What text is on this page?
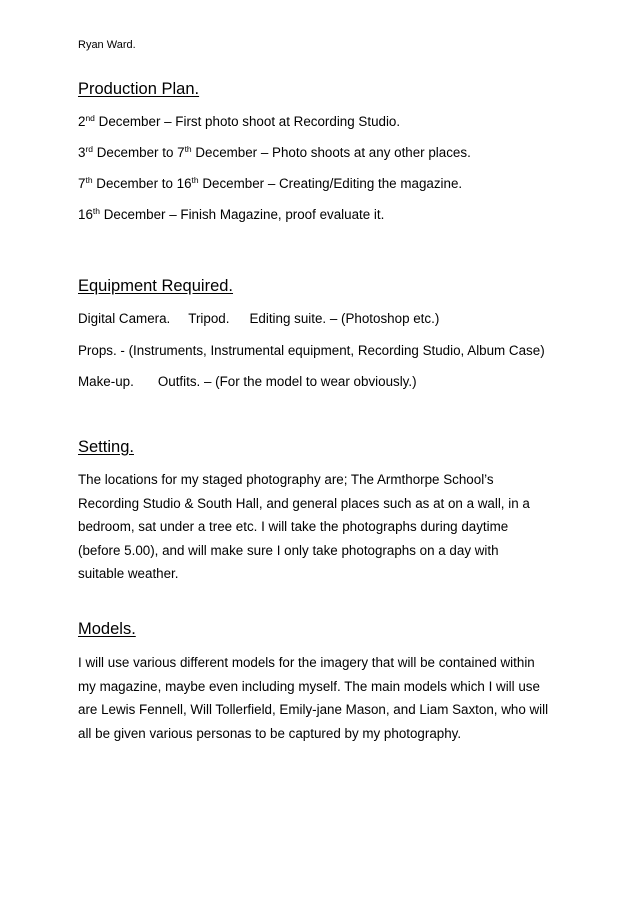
Ryan Ward.
Production Plan.
2nd December – First photo shoot at Recording Studio.
3rd December to 7th December – Photo shoots at any other places.
7th December to 16th December – Creating/Editing the magazine.
16th December – Finish Magazine, proof evaluate it.
Equipment Required.
Digital Camera. Tripod. Editing suite. – (Photoshop etc.)
Props. - (Instruments, Instrumental equipment, Recording Studio, Album Case)
Make-up. Outfits. – (For the model to wear obviously.)
Setting.
The locations for my staged photography are; The Armthorpe School’s
Recording Studio & South Hall, and general places such as at on a wall, in a
bedroom, sat under a tree etc. I will take the photographs during daytime
(before 5.00), and will make sure I only take photographs on a day with
suitable weather.
Models.
I will use various different models for the imagery that will be contained within
my magazine, maybe even including myself. The main models which I will use
are Lewis Fennell, Will Tollerfield, Emily-jane Mason, and Liam Saxton, who will
all be given various personas to be captured by my photography.
